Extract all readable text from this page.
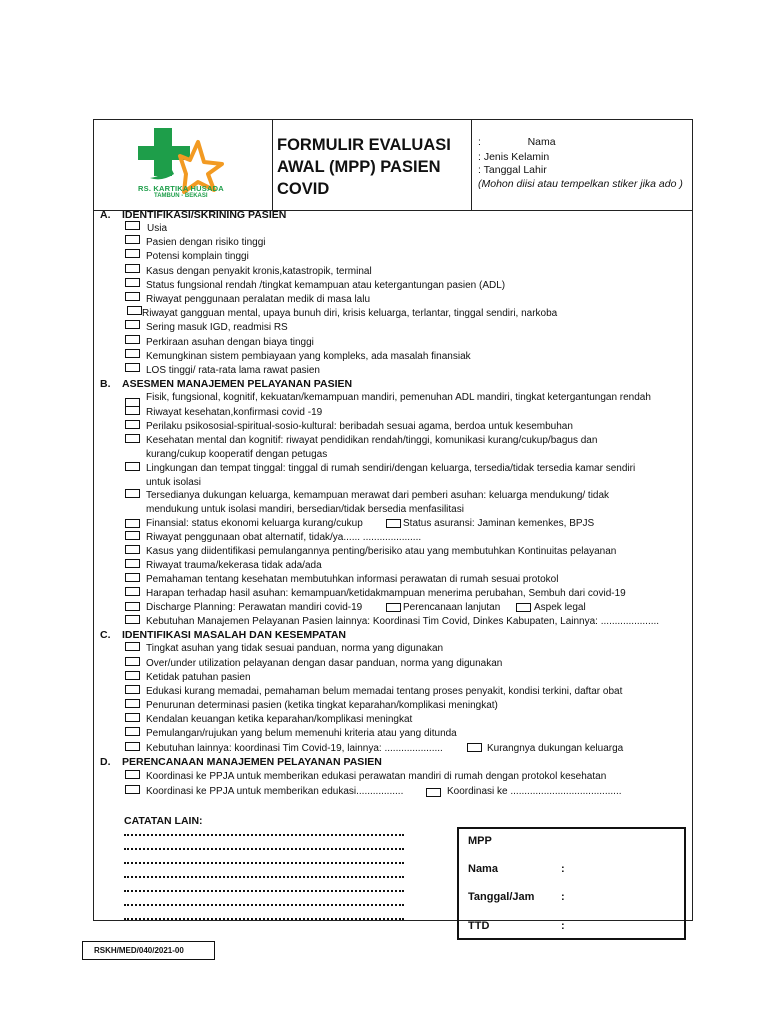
RS. KARTIKA HUSADA
TAMBUN - BEKASI
FORMULIR EVALUASI AWAL (MPP) PASIEN COVID
:                Nama
: Jenis Kelamin
: Tanggal Lahir
(Mohon diisi atau tempelkan stiker jika ado )
A. IDENTIFIKASI/SKRINING PASIEN
Usia
Pasien dengan risiko tinggi
Potensi komplain tinggi
Kasus dengan penyakit kronis,katastropik, terminal
Status fungsional rendah /tingkat kemampuan atau ketergantungan pasien (ADL)
Riwayat penggunaan peralatan medik di masa lalu
Riwayat gangguan mental, upaya bunuh diri, krisis keluarga, terlantar, tinggal sendiri, narkoba
Sering masuk IGD, readmisi RS
Perkiraan asuhan dengan biaya tinggi
Kemungkinan sistem pembiayaan yang kompleks, ada masalah finansiak
LOS tinggi/ rata-rata lama rawat pasien
B. ASESMEN MANAJEMEN PELAYANAN PASIEN
Fisik, fungsional, kognitif, kekuatan/kemampuan mandiri, pemenuhan ADL mandiri, tingkat ketergantungan rendah
Riwayat kesehatan,konfirmasi covid -19
Perilaku psikososial-spiritual-sosio-kultural: beribadah sesuai agama, berdoa untuk kesembuhan
Kesehatan mental dan kognitif: riwayat pendidikan rendah/tinggi, komunikasi kurang/cukup/bagus dan
kurang/cukup kooperatif dengan petugas
Lingkungan dan tempat tinggal: tinggal di rumah sendiri/dengan keluarga, tersedia/tidak tersedia kamar sendiri
untuk isolasi
Tersedianya dukungan keluarga, kemampuan merawat dari pemberi asuhan: keluarga mendukung/ tidak
mendukung untuk isolasi mandiri, bersedian/tidak bersedia menfasilitasi
Finansial: status ekonomi keluarga kurang/cukup	Status asuransi: Jaminan kemenkes, BPJS
Riwayat penggunaan obat alternatif, tidak/ya...... .....................
Kasus yang diidentifikasi pemulangannya penting/berisiko atau yang membutuhkan Kontinuitas pelayanan
Riwayat trauma/kekerasa tidak ada/ada
Pemahaman tentang kesehatan membutuhkan informasi perawatan di rumah sesuai protokol
Harapan terhadap hasil asuhan: kemampuan/ketidakmampuan menerima perubahan, Sembuh dari covid-19
Discharge Planning: Perawatan mandiri covid-19	Perencanaan lanjutan	Aspek legal
Kebutuhan Manajemen Pelayanan Pasien lainnya: Koordinasi Tim Covid, Dinkes Kabupaten, Lainnya: .....................
C. IDENTIFIKASI MASALAH DAN KESEMPATAN
Tingkat asuhan yang tidak sesuai panduan, norma yang digunakan
Over/under utilization pelayanan dengan dasar panduan, norma yang digunakan
Ketidak patuhan pasien
Edukasi kurang memadai, pemahaman belum memadai tentang proses penyakit, kondisi terkini, daftar obat
Penurunan determinasi pasien (ketika tingkat keparahan/komplikasi meningkat)
Kendalan keuangan ketika keparahan/komplikasi meningkat
Pemulangan/rujukan yang belum memenuhi kriteria atau yang ditunda
Kebutuhan lainnya: koordinasi Tim Covid-19, lainnya: .....................	Kurangnya dukungan keluarga
D. PERENCANAAN MANAJEMEN PELAYANAN PASIEN
Koordinasi ke PPJA untuk memberikan edukasi perawatan mandiri di rumah dengan protokol kesehatan
Koordinasi ke PPJA untuk memberikan edukasi.................	Koordinasi ke ........................................
CATATAN LAIN:
MPP
Nama	:
Tanggal/Jam :
TTD	:
RSKH/MED/040/2021-00
